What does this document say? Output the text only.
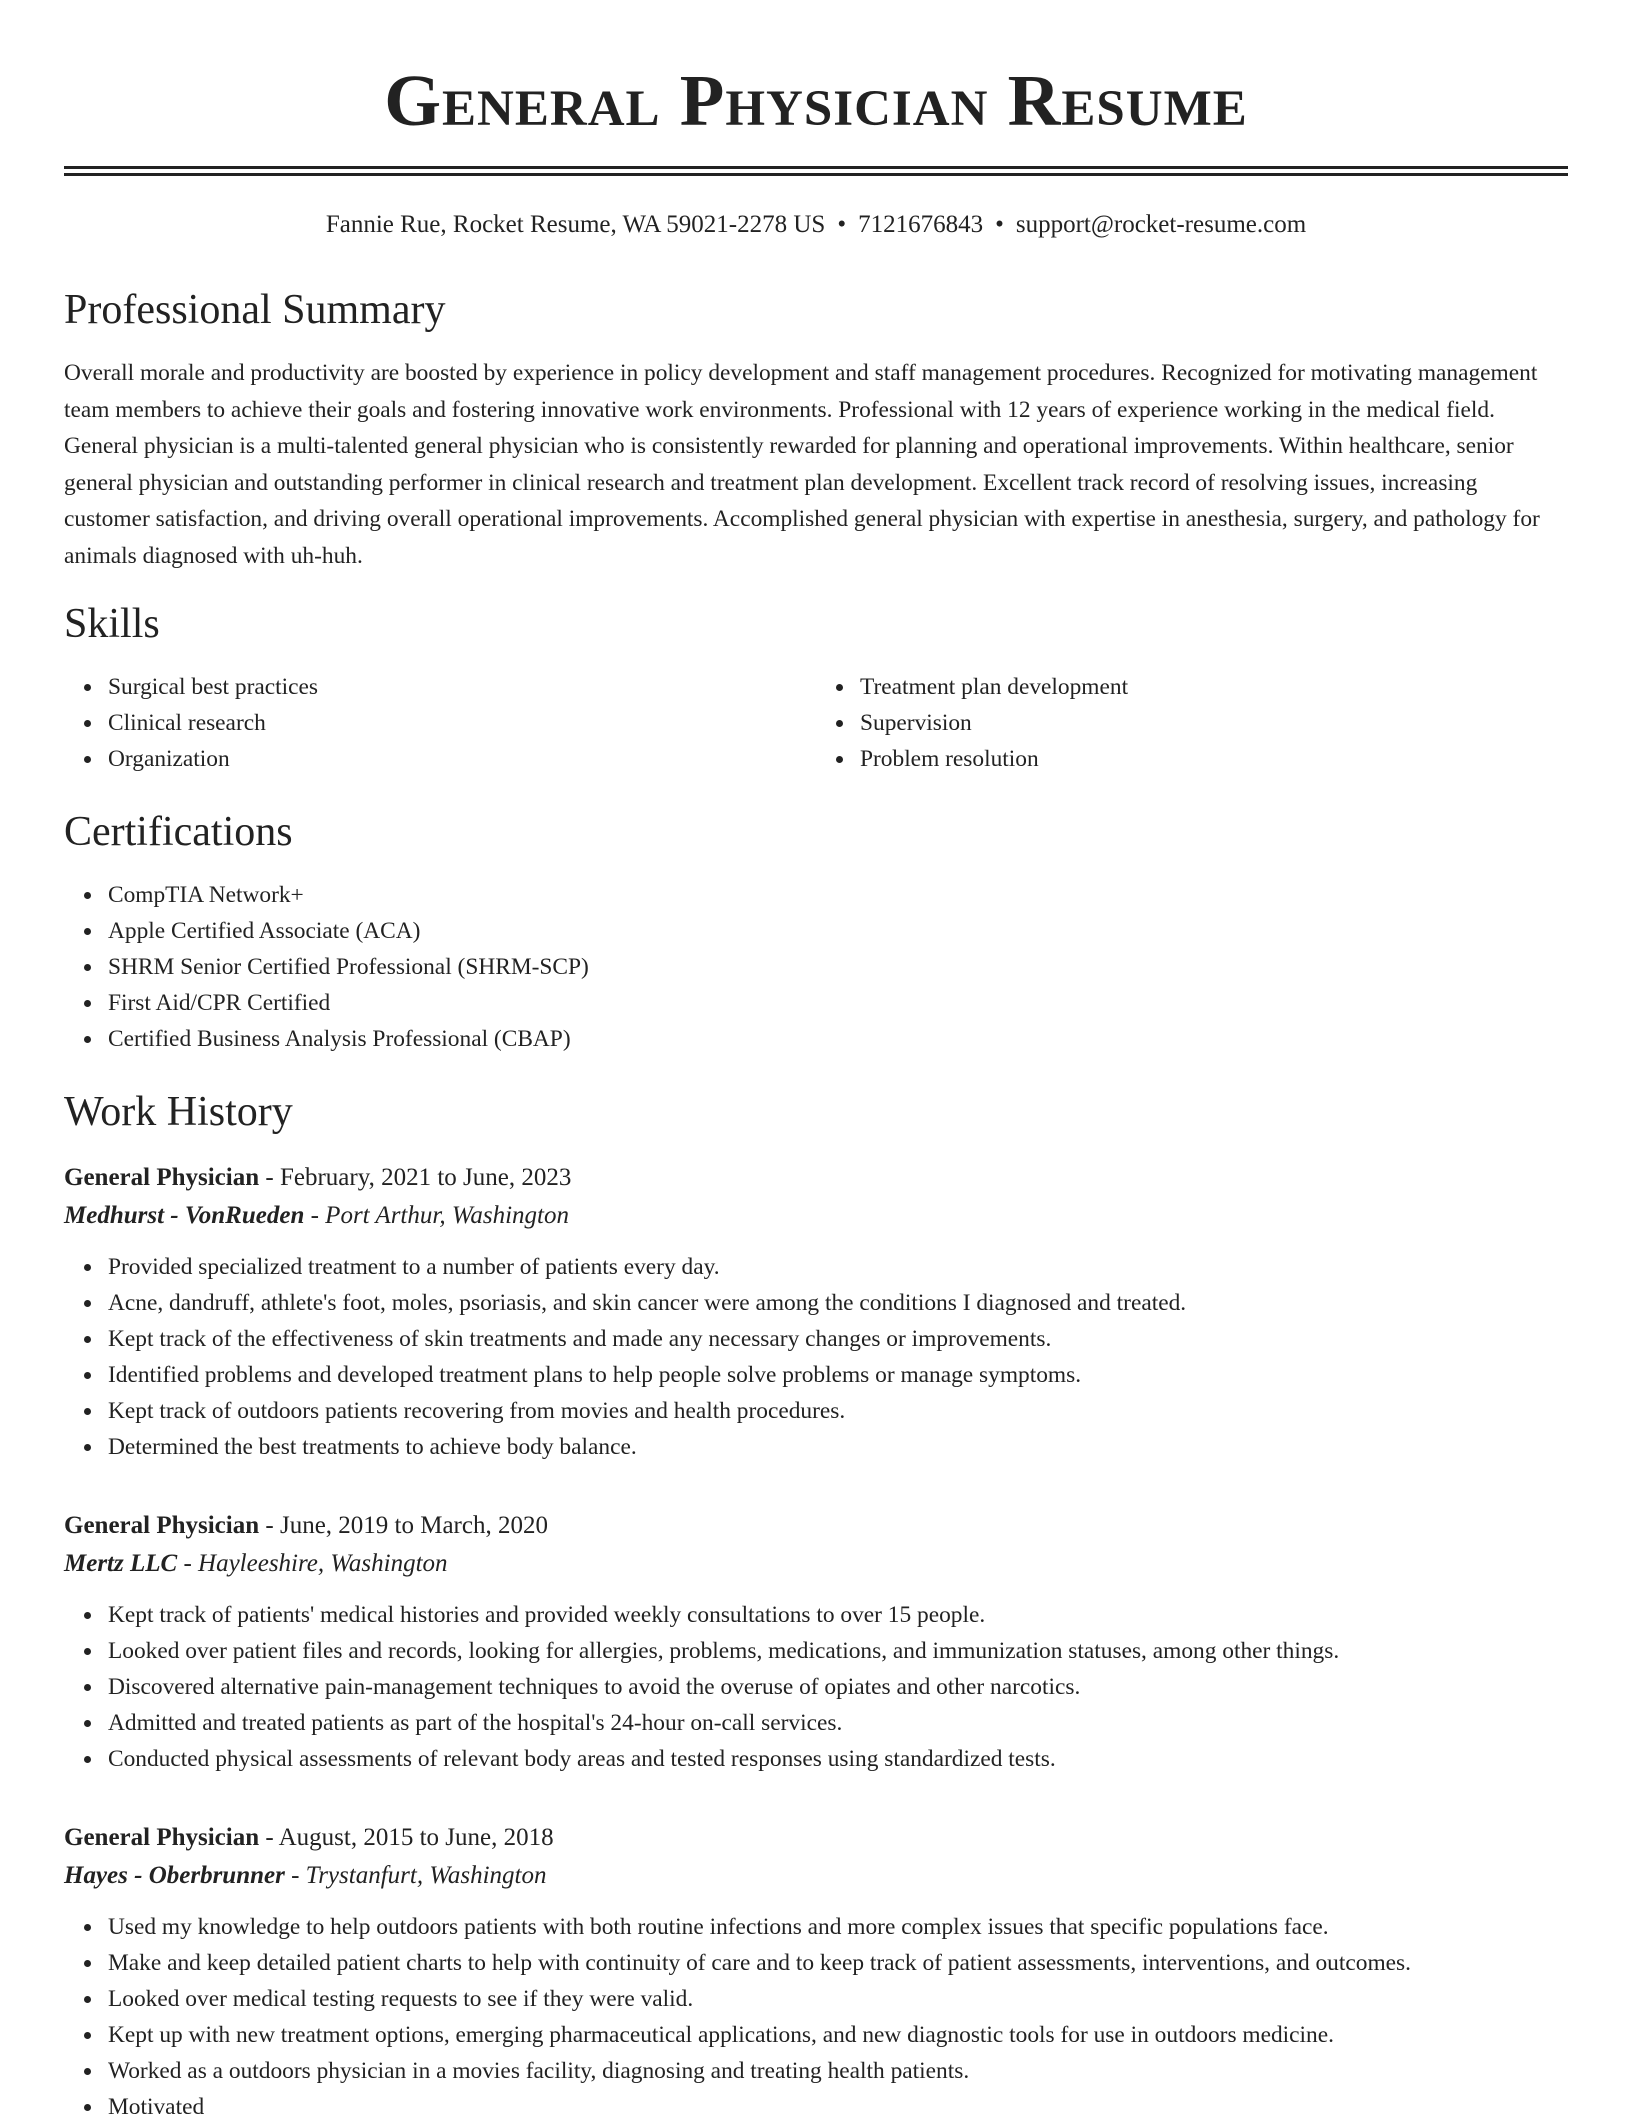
General Physician Resume
Fannie Rue, Rocket Resume, WA 59021-2278 US • 7121676843 • support@rocket-resume.com
Professional Summary

Overall morale and productivity are boosted by experience in policy development and staff management procedures. Recognized for motivating management team members to achieve their goals and fostering innovative work environments. Professional with 12 years of experience working in the medical field. General physician is a multi-talented general physician who is consistently rewarded for planning and operational improvements. Within healthcare, senior general physician and outstanding performer in clinical research and treatment plan development. Excellent track record of resolving issues, increasing customer satisfaction, and driving overall operational improvements. Accomplished general physician with expertise in anesthesia, surgery, and pathology for animals diagnosed with uh-huh.

Skills
Surgical best practices
Clinical research
Organization
Treatment plan development
Supervision
Problem resolution
Certifications
CompTIA Network+
Apple Certified Associate (ACA)
SHRM Senior Certified Professional (SHRM-SCP)
First Aid/CPR Certified
Certified Business Analysis Professional (CBAP)
Work History
General Physician - February, 2021 to June, 2023
Medhurst - VonRueden - Port Arthur, Washington
Provided specialized treatment to a number of patients every day.
Acne, dandruff, athlete's foot, moles, psoriasis, and skin cancer were among the conditions I diagnosed and treated.
Kept track of the effectiveness of skin treatments and made any necessary changes or improvements.
Identified problems and developed treatment plans to help people solve problems or manage symptoms.
Kept track of outdoors patients recovering from movies and health procedures.
Determined the best treatments to achieve body balance.
General Physician - June, 2019 to March, 2020
Mertz LLC - Hayleeshire, Washington
Kept track of patients' medical histories and provided weekly consultations to over 15 people.
Looked over patient files and records, looking for allergies, problems, medications, and immunization statuses, among other things.
Discovered alternative pain-management techniques to avoid the overuse of opiates and other narcotics.
Admitted and treated patients as part of the hospital's 24-hour on-call services.
Conducted physical assessments of relevant body areas and tested responses using standardized tests.
General Physician - August, 2015 to June, 2018
Hayes - Oberbrunner - Trystanfurt, Washington
Used my knowledge to help outdoors patients with both routine infections and more complex issues that specific populations face.
Make and keep detailed patient charts to help with continuity of care and to keep track of patient assessments, interventions, and outcomes.
Looked over medical testing requests to see if they were valid.
Kept up with new treatment options, emerging pharmaceutical applications, and new diagnostic tools for use in outdoors medicine.
Worked as a outdoors physician in a movies facility, diagnosing and treating health patients.
Motivated
